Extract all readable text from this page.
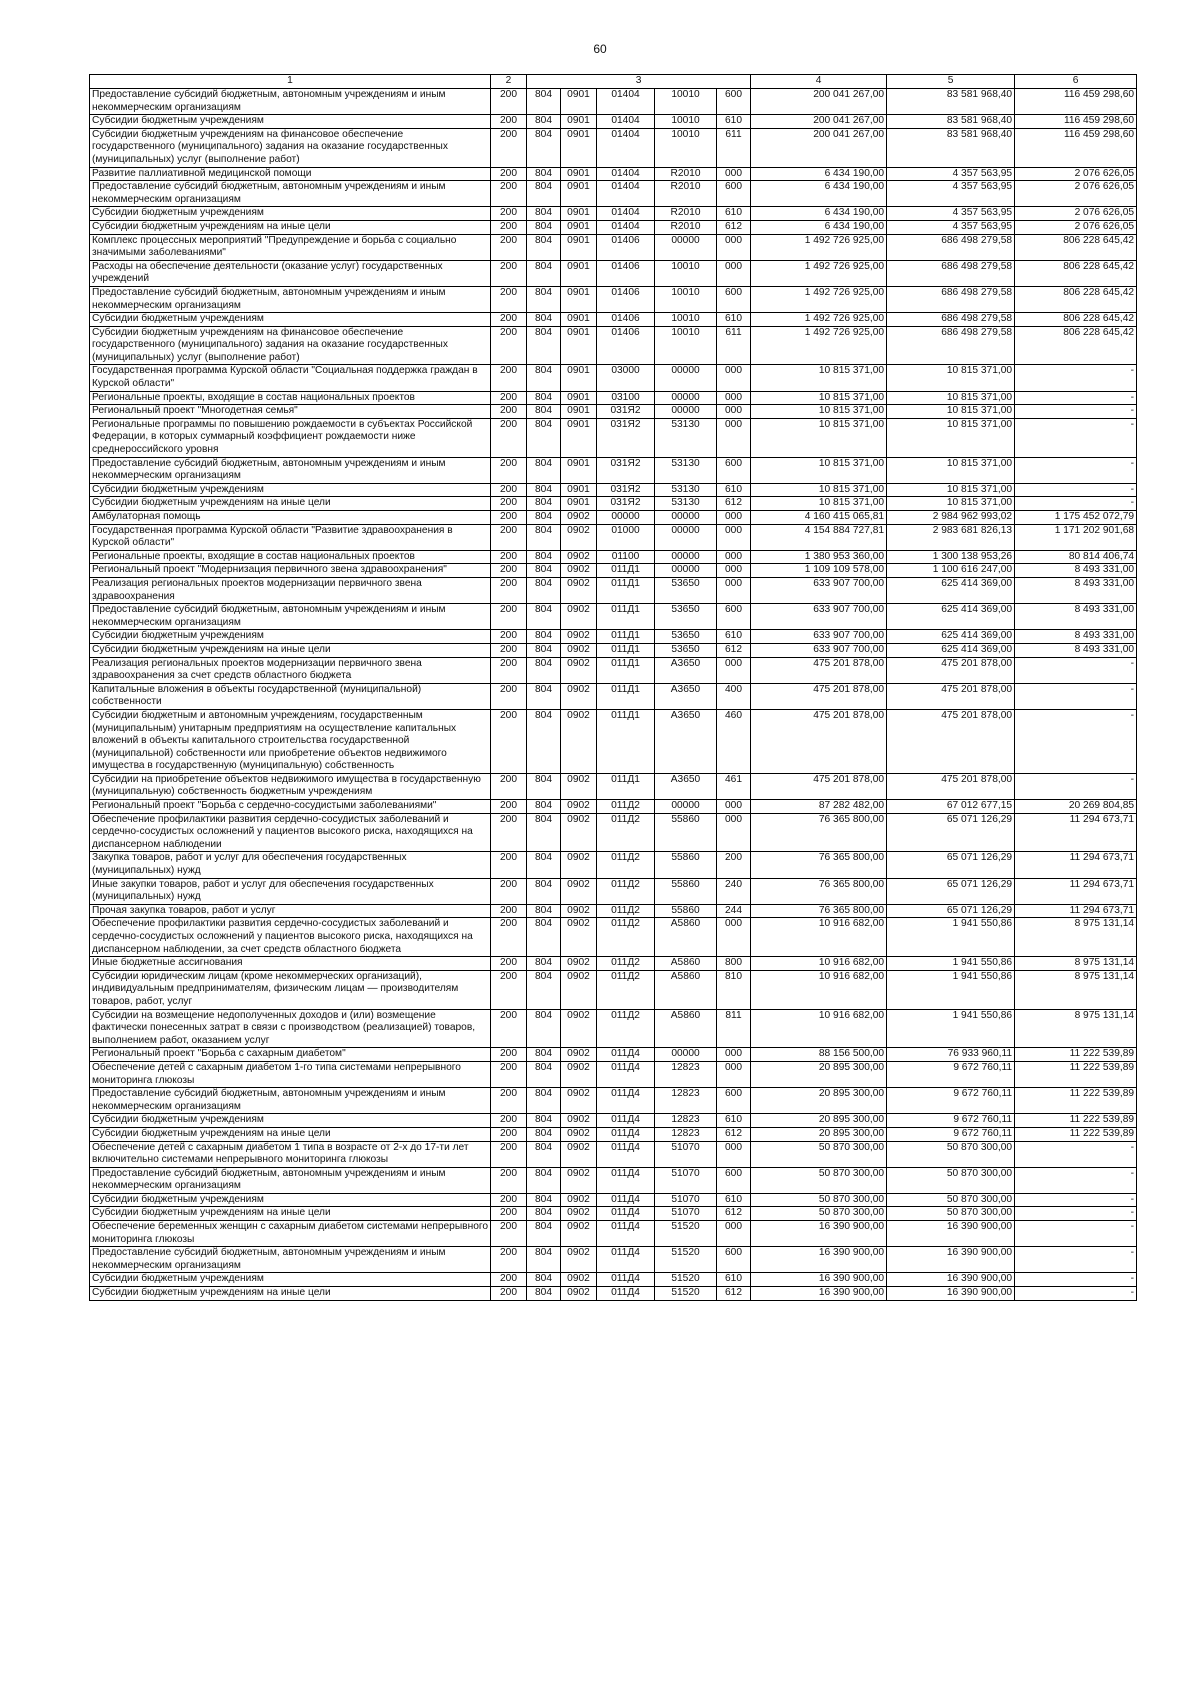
60
1	2	3					4	5	6
Предоставление субсидий бюджетным, автономным учреждениям и иным некоммерческим организациям	200	804	0901	01404	10010	600	200 041 267,00	83 581 968,40	116 459 298,60
Субсидии бюджетным учреждениям	200	804	0901	01404	10010	610	200 041 267,00	83 581 968,40	116 459 298,60
Субсидии бюджетным учреждениям на финансовое обеспечение государственного (муниципального) задания на оказание государственных (муниципальных) услуг (выполнение работ)	200	804	0901	01404	10010	611	200 041 267,00	83 581 968,40	116 459 298,60
Развитие паллиативной медицинской помощи	200	804	0901	01404	R2010	000	6 434 190,00	4 357 563,95	2 076 626,05
Предоставление субсидий бюджетным, автономным учреждениям и иным некоммерческим организациям	200	804	0901	01404	R2010	600	6 434 190,00	4 357 563,95	2 076 626,05
Субсидии бюджетным учреждениям	200	804	0901	01404	R2010	610	6 434 190,00	4 357 563,95	2 076 626,05
Субсидии бюджетным учреждениям на иные цели	200	804	0901	01404	R2010	612	6 434 190,00	4 357 563,95	2 076 626,05
Комплекс процессных мероприятий "Предупреждение и борьба с социально значимыми заболеваниями"	200	804	0901	01406	00000	000	1 492 726 925,00	686 498 279,58	806 228 645,42
Расходы на обеспечение деятельности (оказание услуг) государственных учреждений	200	804	0901	01406	10010	000	1 492 726 925,00	686 498 279,58	806 228 645,42
Предоставление субсидий бюджетным, автономным учреждениям и иным некоммерческим организациям	200	804	0901	01406	10010	600	1 492 726 925,00	686 498 279,58	806 228 645,42
Субсидии бюджетным учреждениям	200	804	0901	01406	10010	610	1 492 726 925,00	686 498 279,58	806 228 645,42
Субсидии бюджетным учреждениям на финансовое обеспечение государственного (муниципального) задания на оказание государственных (муниципальных) услуг (выполнение работ)	200	804	0901	01406	10010	611	1 492 726 925,00	686 498 279,58	806 228 645,42
Государственная программа Курской области "Социальная поддержка граждан в Курской области"	200	804	0901	03000	00000	000	10 815 371,00	10 815 371,00	-
Региональные проекты, входящие в состав национальных проектов	200	804	0901	03100	00000	000	10 815 371,00	10 815 371,00	-
Региональный проект "Многодетная семья"	200	804	0901	031Я2	00000	000	10 815 371,00	10 815 371,00	-
Региональные программы по повышению рождаемости в субъектах Российской Федерации, в которых суммарный коэффициент рождаемости ниже среднероссийского уровня	200	804	0901	031Я2	53130	000	10 815 371,00	10 815 371,00	-
Предоставление субсидий бюджетным, автономным учреждениям и иным некоммерческим организациям	200	804	0901	031Я2	53130	600	10 815 371,00	10 815 371,00	-
Субсидии бюджетным учреждениям	200	804	0901	031Я2	53130	610	10 815 371,00	10 815 371,00	-
Субсидии бюджетным учреждениям на иные цели	200	804	0901	031Я2	53130	612	10 815 371,00	10 815 371,00	-
Амбулаторная помощь	200	804	0902	00000	00000	000	4 160 415 065,81	2 984 962 993,02	1 175 452 072,79
Государственная программа Курской области "Развитие здравоохранения в Курской области"	200	804	0902	01000	00000	000	4 154 884 727,81	2 983 681 826,13	1 171 202 901,68
Региональные проекты, входящие в состав национальных проектов	200	804	0902	01100	00000	000	1 380 953 360,00	1 300 138 953,26	80 814 406,74
Региональный проект "Модернизация первичного звена здравоохранения"	200	804	0902	011Д1	00000	000	1 109 109 578,00	1 100 616 247,00	8 493 331,00
Реализация региональных проектов модернизации первичного звена здравоохранения	200	804	0902	011Д1	53650	000	633 907 700,00	625 414 369,00	8 493 331,00
Предоставление субсидий бюджетным, автономным учреждениям и иным некоммерческим организациям	200	804	0902	011Д1	53650	600	633 907 700,00	625 414 369,00	8 493 331,00
Субсидии бюджетным учреждениям	200	804	0902	011Д1	53650	610	633 907 700,00	625 414 369,00	8 493 331,00
Субсидии бюджетным учреждениям на иные цели	200	804	0902	011Д1	53650	612	633 907 700,00	625 414 369,00	8 493 331,00
Реализация региональных проектов модернизации первичного звена здравоохранения за счет средств областного бюджета	200	804	0902	011Д1	А3650	000	475 201 878,00	475 201 878,00	-
Капитальные вложения в объекты государственной (муниципальной) собственности	200	804	0902	011Д1	А3650	400	475 201 878,00	475 201 878,00	-
Субсидии бюджетным и автономным учреждениям, государственным (муниципальным) унитарным предприятиям на осуществление капитальных вложений в объекты капитального строительства государственной (муниципальной) собственности или приобретение объектов недвижимого имущества в государственную (муниципальную) собственность	200	804	0902	011Д1	А3650	460	475 201 878,00	475 201 878,00	-
Субсидии на приобретение объектов недвижимого имущества в государственную (муниципальную) собственность бюджетным учреждениям	200	804	0902	011Д1	А3650	461	475 201 878,00	475 201 878,00	-
Региональный проект "Борьба с сердечно-сосудистыми заболеваниями"	200	804	0902	011Д2	00000	000	87 282 482,00	67 012 677,15	20 269 804,85
Обеспечение профилактики развития сердечно-сосудистых заболеваний и сердечно-сосудистых осложнений у пациентов высокого риска, находящихся на диспансерном наблюдении	200	804	0902	011Д2	55860	000	76 365 800,00	65 071 126,29	11 294 673,71
Закупка товаров, работ и услуг для обеспечения государственных (муниципальных) нужд	200	804	0902	011Д2	55860	200	76 365 800,00	65 071 126,29	11 294 673,71
Иные закупки товаров, работ и услуг для обеспечения государственных (муниципальных) нужд	200	804	0902	011Д2	55860	240	76 365 800,00	65 071 126,29	11 294 673,71
Прочая закупка товаров, работ и услуг	200	804	0902	011Д2	55860	244	76 365 800,00	65 071 126,29	11 294 673,71
Обеспечение профилактики развития сердечно-сосудистых заболеваний и сердечно-сосудистых осложнений у пациентов высокого риска, находящихся на диспансерном наблюдении, за счет средств областного бюджета	200	804	0902	011Д2	А5860	000	10 916 682,00	1 941 550,86	8 975 131,14
Иные бюджетные ассигнования	200	804	0902	011Д2	А5860	800	10 916 682,00	1 941 550,86	8 975 131,14
Субсидии юридическим лицам (кроме некоммерческих организаций), индивидуальным предпринимателям, физическим лицам — производителям товаров, работ, услуг	200	804	0902	011Д2	А5860	810	10 916 682,00	1 941 550,86	8 975 131,14
Субсидии на возмещение недополученных доходов и (или) возмещение фактически понесенных затрат в связи с производством (реализацией) товаров, выполнением работ, оказанием услуг	200	804	0902	011Д2	А5860	811	10 916 682,00	1 941 550,86	8 975 131,14
Региональный проект "Борьба с сахарным диабетом"	200	804	0902	011Д4	00000	000	88 156 500,00	76 933 960,11	11 222 539,89
Обеспечение детей с сахарным диабетом 1-го типа системами непрерывного мониторинга глюкозы	200	804	0902	011Д4	12823	000	20 895 300,00	9 672 760,11	11 222 539,89
Предоставление субсидий бюджетным, автономным учреждениям и иным некоммерческим организациям	200	804	0902	011Д4	12823	600	20 895 300,00	9 672 760,11	11 222 539,89
Субсидии бюджетным учреждениям	200	804	0902	011Д4	12823	610	20 895 300,00	9 672 760,11	11 222 539,89
Субсидии бюджетным учреждениям на иные цели	200	804	0902	011Д4	12823	612	20 895 300,00	9 672 760,11	11 222 539,89
Обеспечение детей с сахарным диабетом 1 типа в возрасте от 2-х до 17-ти лет включительно системами непрерывного мониторинга глюкозы	200	804	0902	011Д4	51070	000	50 870 300,00	50 870 300,00	-
Предоставление субсидий бюджетным, автономным учреждениям и иным некоммерческим организациям	200	804	0902	011Д4	51070	600	50 870 300,00	50 870 300,00	-
Субсидии бюджетным учреждениям	200	804	0902	011Д4	51070	610	50 870 300,00	50 870 300,00	-
Субсидии бюджетным учреждениям на иные цели	200	804	0902	011Д4	51070	612	50 870 300,00	50 870 300,00	-
Обеспечение беременных женщин с сахарным диабетом системами непрерывного мониторинга глюкозы	200	804	0902	011Д4	51520	000	16 390 900,00	16 390 900,00	-
Предоставление субсидий бюджетным, автономным учреждениям и иным некоммерческим организациям	200	804	0902	011Д4	51520	600	16 390 900,00	16 390 900,00	-
Субсидии бюджетным учреждениям	200	804	0902	011Д4	51520	610	16 390 900,00	16 390 900,00	-
Субсидии бюджетным учреждениям на иные цели	200	804	0902	011Д4	51520	612	16 390 900,00	16 390 900,00	-
